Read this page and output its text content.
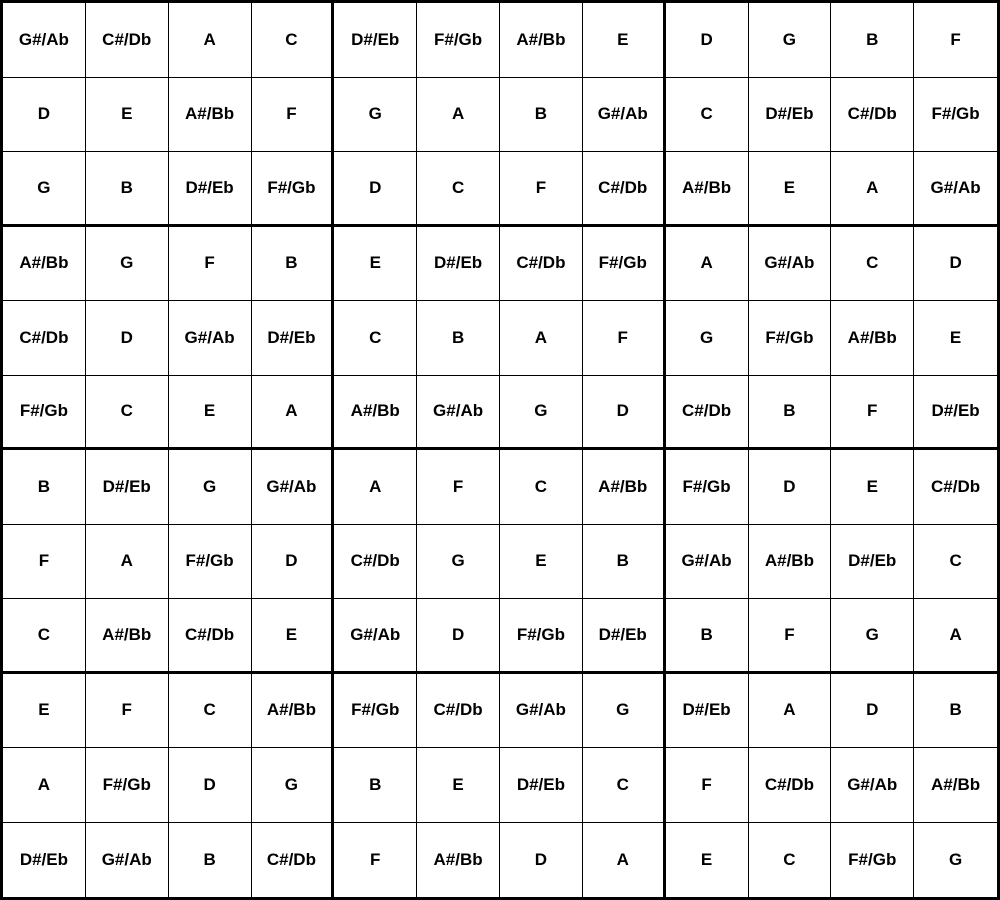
G#/Ab	C#/Db	A	C	D#/Eb	F#/Gb	A#/Bb	E	D	G	B	F
D	E	A#/Bb	F	G	A	B	G#/Ab	C	D#/Eb	C#/Db	F#/Gb
G	B	D#/Eb	F#/Gb	D	C	F	C#/Db	A#/Bb	E	A	G#/Ab
A#/Bb	G	F	B	E	D#/Eb	C#/Db	F#/Gb	A	G#/Ab	C	D
C#/Db	D	G#/Ab	D#/Eb	C	B	A	F	G	F#/Gb	A#/Bb	E
F#/Gb	C	E	A	A#/Bb	G#/Ab	G	D	C#/Db	B	F	D#/Eb
B	D#/Eb	G	G#/Ab	A	F	C	A#/Bb	F#/Gb	D	E	C#/Db
F	A	F#/Gb	D	C#/Db	G	E	B	G#/Ab	A#/Bb	D#/Eb	C
C	A#/Bb	C#/Db	E	G#/Ab	D	F#/Gb	D#/Eb	B	F	G	A
E	F	C	A#/Bb	F#/Gb	C#/Db	G#/Ab	G	D#/Eb	A	D	B
A	F#/Gb	D	G	B	E	D#/Eb	C	F	C#/Db	G#/Ab	A#/Bb
D#/Eb	G#/Ab	B	C#/Db	F	A#/Bb	D	A	E	C	F#/Gb	G
